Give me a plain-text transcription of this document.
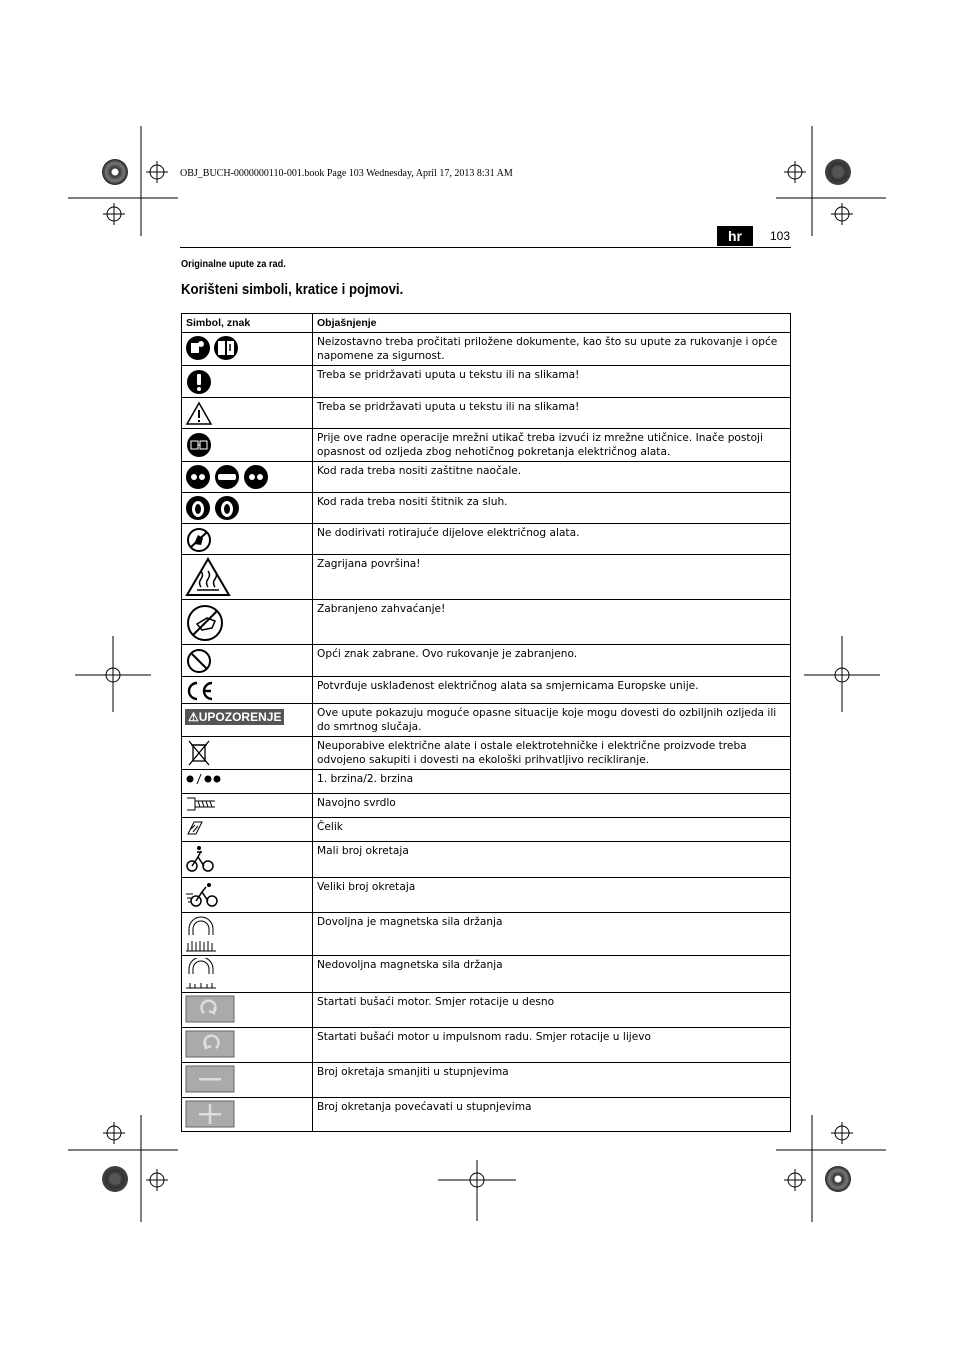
OBJ_BUCH-0000000110-001.book Page 103 Wednesday, April 17, 2013 8:31 AM
hr	103
Originalne upute za rad.
Korišteni simboli, kratice i pojmovi.
Simbol, znak	Objašnjenje

	Neizostavno treba pročitati priložene dokumente, kao što su upute za rukovanje i opće napomene za sigurnost.

	Treba se pridržavati uputa u tekstu ili na slikama!

	Treba se pridržavati uputa u tekstu ili na slikama!

	Prije ove radne operacije mrežni utikač treba izvući iz mrežne utičnice. Inače postoji opasnost od ozljeda zbog nehotičnog pokretanja električnog alata.

	Kod rada treba nositi zaštitne naočale.

	Kod rada treba nositi štitnik za sluh.

	Ne dodirivati rotirajuće dijelove električnog alata.

	Zagrijana površina!

	Zabranjeno zahvaćanje!

	Opći znak zabrane. Ovo rukovanje je zabranjeno.

	Potvrđuje usklađenost električnog alata sa smjernicama Europske unije.
⚠UPOZORENJE	Ove upute pokazuju moguće opasne situacije koje mogu dovesti do ozbiljnih ozljeda ili do smrtnog slučaja.

	Neuporabive električne alate i ostale elektrotehničke i električne proizvode treba odvojeno sakupiti i dovesti na ekološki prihvatljivo recikliranje.

	1. brzina/2. brzina

	Navojno svrdlo

	Čelik

	Mali broj okretaja

	Veliki broj okretaja

	Dovoljna je magnetska sila držanja

	Nedovoljna magnetska sila držanja

	Startati bušaći motor. Smjer rotacije u desno

	Startati bušaći motor u impulsnom radu. Smjer rotacije u lijevo

	Broj okretaja smanjiti u stupnjevima

	Broj okretanja povećavati u stupnjevima
